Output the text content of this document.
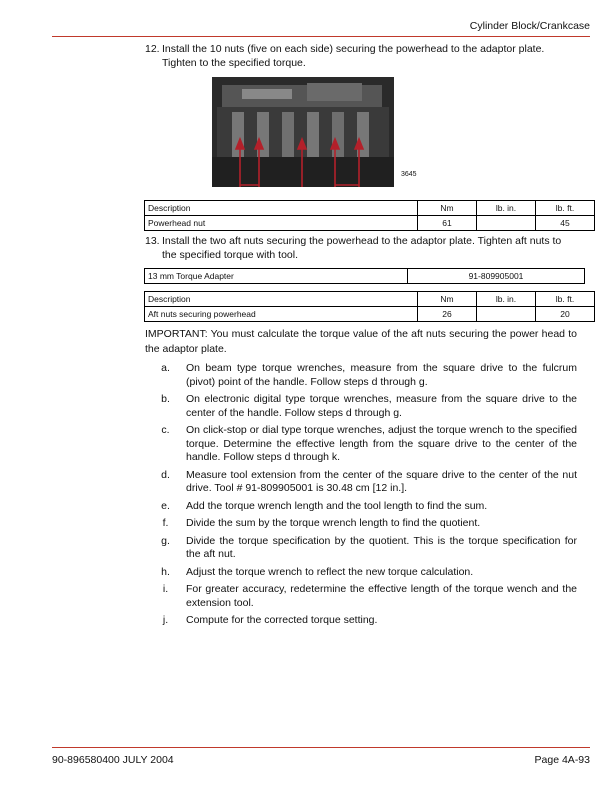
Cylinder Block/Crankcase
12. Install the 10 nuts (five on each side) securing the powerhead to the adaptor plate.
Tighten to the specified torque.
3645
Description	Nm	lb. in.	lb. ft.
Powerhead nut	61		45
13. Install the two aft nuts securing the powerhead to the adaptor plate. Tighten aft nuts to
the specified torque with tool.
13 mm Torque Adapter	91-809905001
Description	Nm	lb. in.	lb. ft.
Aft nuts securing powerhead	26		20
IMPORTANT: You must calculate the torque value of the aft nuts securing the power head to the adaptor plate.
a.	On beam type torque wrenches, measure from the square drive to the fulcrum (pivot) point of the handle. Follow steps d through g.
b.	On electronic digital type torque wrenches, measure from the square drive to the center of the handle. Follow steps d through g.
c.	On click-stop or dial type torque wrenches, adjust the torque wrench to the specified torque. Determine the effective length from the square drive to the center of the handle. Follow steps d through k.
d.	Measure tool extension from the center of the square drive to the center of the nut drive. Tool # 91-809905001 is 30.48 cm [12 in.].
e.	Add the torque wrench length and the tool length to find the sum.
f.	Divide the sum by the torque wrench length to find the quotient.
g.	Divide the torque specification by the quotient. This is the torque specification for the aft nut.
h.	Adjust the torque wrench to reflect the new torque calculation.
i.	For greater accuracy, redetermine the effective length of the torque wench and the extension tool.
j.	Compute for the corrected torque setting.
90-896580400 JULY 2004	Page 4A-93
